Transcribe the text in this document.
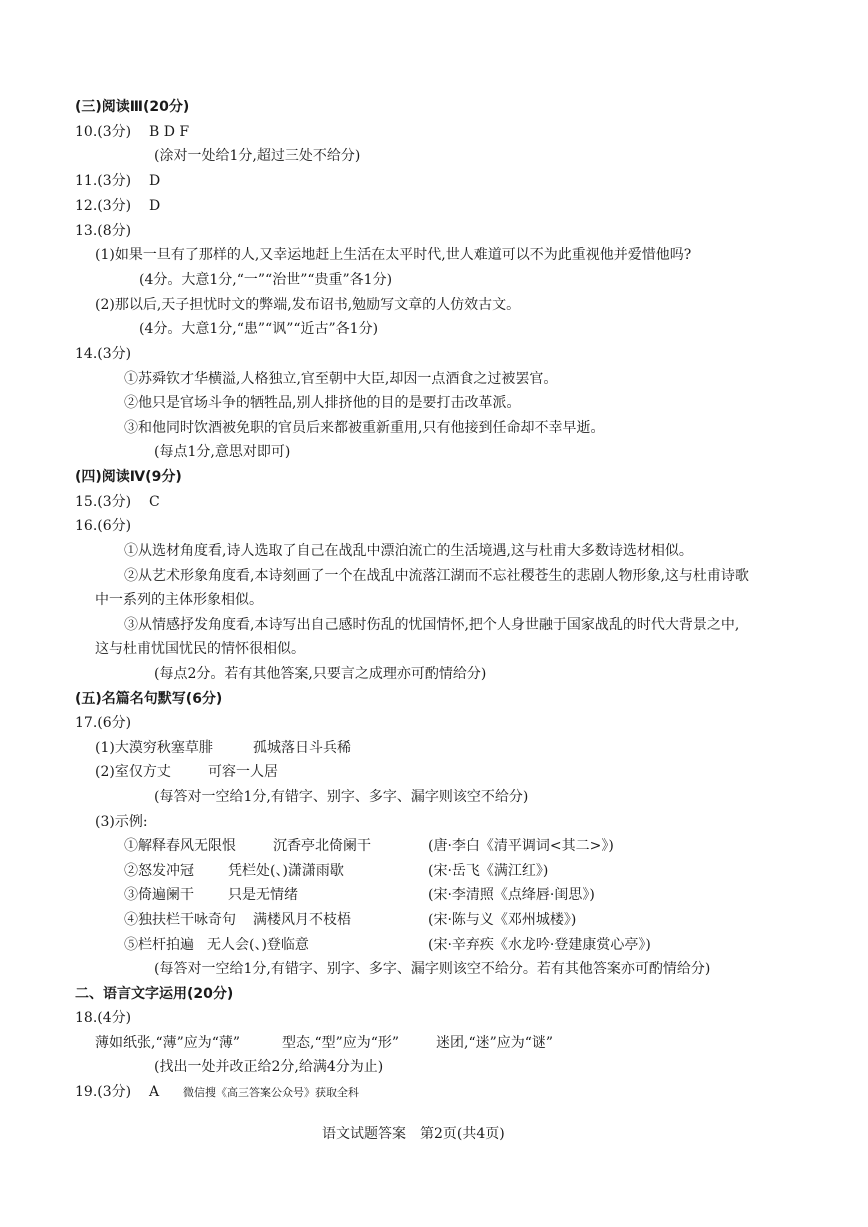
(三)阅读Ⅲ(20分)
10.(3分) B D F
(涂对一处给1分,超过三处不给分)
11.(3分) D
12.(3分) D
13.(8分)
(1)如果一旦有了那样的人,又幸运地赶上生活在太平时代,世人难道可以不为此重视他并爱惜他吗?
(4分。大意1分,“一”“治世”“贵重”各1分)
(2)那以后,天子担忧时文的弊端,发布诏书,勉励写文章的人仿效古文。
(4分。大意1分,“患”“讽”“近古”各1分)
14.(3分)
①苏舜钦才华横溢,人格独立,官至朝中大臣,却因一点酒食之过被罢官。
②他只是官场斗争的牺牲品,别人排挤他的目的是要打击改革派。
③和他同时饮酒被免职的官员后来都被重新重用,只有他接到任命却不幸早逝。
(每点1分,意思对即可)
(四)阅读Ⅳ(9分)
15.(3分) C
16.(6分)
①从选材角度看,诗人选取了自己在战乱中漂泊流亡的生活境遇,这与杜甫大多数诗选材相似。
②从艺术形象角度看,本诗刻画了一个在战乱中流落江湖而不忘社稷苍生的悲剧人物形象,这与杜甫诗歌
中一系列的主体形象相似。
③从情感抒发角度看,本诗写出自己感时伤乱的忧国情怀,把个人身世融于国家战乱的时代大背景之中,
这与杜甫忧国忧民的情怀很相似。
(每点2分。若有其他答案,只要言之成理亦可酌情给分)
(五)名篇名句默写(6分)
17.(6分)
(1)大漠穷秋塞草腓	孤城落日斗兵稀
(2)室仅方丈	可容一人居
(每答对一空给1分,有错字、别字、多字、漏字则该空不给分)
(3)示例:
①解释春风无限恨	沉香亭北倚阑干	(唐·李白《清平调词<其二>》)
②怒发冲冠 凭栏处(、)潇潇雨歇	(宋·岳飞《满江红》)
③倚遍阑干 只是无情绪	(宋·李清照《点绛唇·闺思》)
④独扶栏干咏奇句 满楼风月不枝梧	(宋·陈与义《邓州城楼》)
⑤栏杆拍遍 无人会(、)登临意	(宋·辛弃疾《水龙吟·登建康赏心亭》)
(每答对一空给1分,有错字、别字、多字、漏字则该空不给分。若有其他答案亦可酌情给分)
二、语言文字运用(20分)
18.(4分)
薄如纸张,“薄”应为“薄”	型态,“型”应为“形”	迷团,“迷”应为“谜”
(找出一处并改正给2分,给满4分为止)
19.(3分) A 微信搜《高三答案公众号》获取全科
语文试题答案　第2页(共4页)
